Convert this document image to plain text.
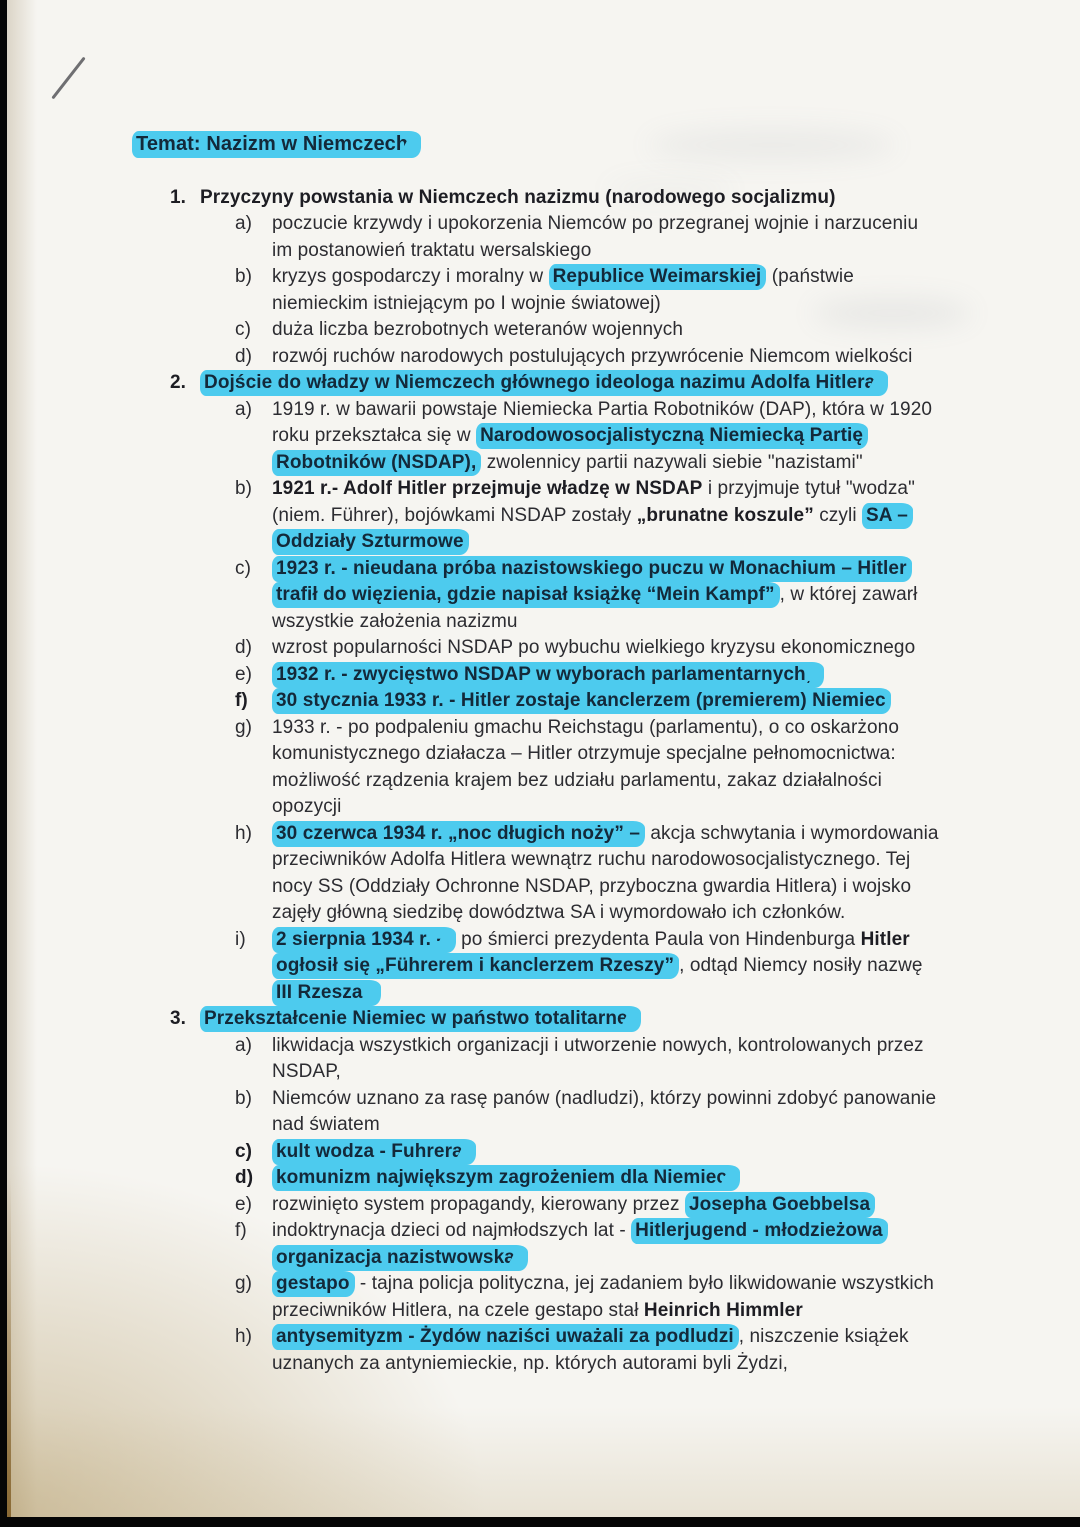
Temat: Nazizm w Niemczech
1. Przyczyny powstania w Niemczech nazizmu (narodowego socjalizmu)
a)	poczucie krzywdy i upokorzenia Niemców po przegranej wojnie i narzuceniu im postanowień traktatu wersalskiego
b)	kryzys gospodarczy i moralny w Republice Weimarskiej (państwie niemieckim istniejącym po I wojnie światowej)
c)	duża liczba bezrobotnych weteranów wojennych
d)	rozwój ruchów narodowych postulujących przywrócenie Niemcom wielkości
2. Dojście do władzy w Niemczech głównego ideologa nazimu Adolfa Hitlera
a)	1919 r. w bawarii powstaje Niemiecka Partia Robotników (DAP), która w 1920 roku przekształca się w Narodowosocjalistyczną Niemiecką Partię Robotników (NSDAP), zwolennicy partii nazywali siebie "nazistami"
b)	1921 r.- Adolf Hitler przejmuje władzę w NSDAP i przyjmuje tytuł "wodza" (niem. Führer), bojówkami NSDAP zostały „brunatne koszule” czyli SA – Oddziały Szturmowe
c)	1923 r. - nieudana próba nazistowskiego puczu w Monachium – Hitler trafił do więzienia, gdzie napisał książkę “Mein Kampf” , w której zawarł wszystkie założenia nazizmu
d)	wzrost popularności NSDAP po wybuchu wielkiego kryzysu ekonomicznego
e)	1932 r. - zwycięstwo NSDAP w wyborach parlamentarnych,
f)	30 stycznia 1933 r. - Hitler zostaje kanclerzem (premierem) Niemiec
g)	1933 r. - po podpaleniu gmachu Reichstagu (parlamentu), o co oskarżono komunistycznego działacza – Hitler otrzymuje specjalne pełnomocnictwa: możliwość rządzenia krajem bez udziału parlamentu, zakaz działalności opozycji
h)	30 czerwca 1934 r. „noc długich noży” – akcja schwytania i wymordowania przeciwników Adolfa Hitlera wewnątrz ruchu narodowosocjalistycznego. Tej nocy SS (Oddziały Ochronne NSDAP, przyboczna gwardia Hitlera) i wojsko zajęły główną siedzibę dowództwa SA i wymordowało ich członków.
i)	2 sierpnia 1934 r. - po śmierci prezydenta Paula von Hindenburga Hitler ogłosił się „Führerem i kanclerzem Rzeszy” , odtąd Niemcy nosiły nazwę III Rzesza.
3. Przekształcenie Niemiec w państwo totalitarne
a)	likwidacja wszystkich organizacji i utworzenie nowych, kontrolowanych przez NSDAP,
b)	Niemców uznano za rasę panów (nadludzi), którzy powinni zdobyć panowanie nad światem
c)	kult wodza - Fuhrera
d)	komunizm największym zagrożeniem dla Niemiec
e)	rozwinięto system propagandy, kierowany przez Josepha Goebbelsa
f)	indoktrynacja dzieci od najmłodszych lat - Hitlerjugend - młodzieżowa organizacja nazistwowska
g)	gestapo - tajna policja polityczna, jej zadaniem było likwidowanie wszystkich przeciwników Hitlera, na czele gestapo stał Heinrich Himmler
h)	antysemityzm - Żydów naziści uważali za podludzi , niszczenie książek uznanych za antyniemieckie, np. których autorami byli Żydzi,
